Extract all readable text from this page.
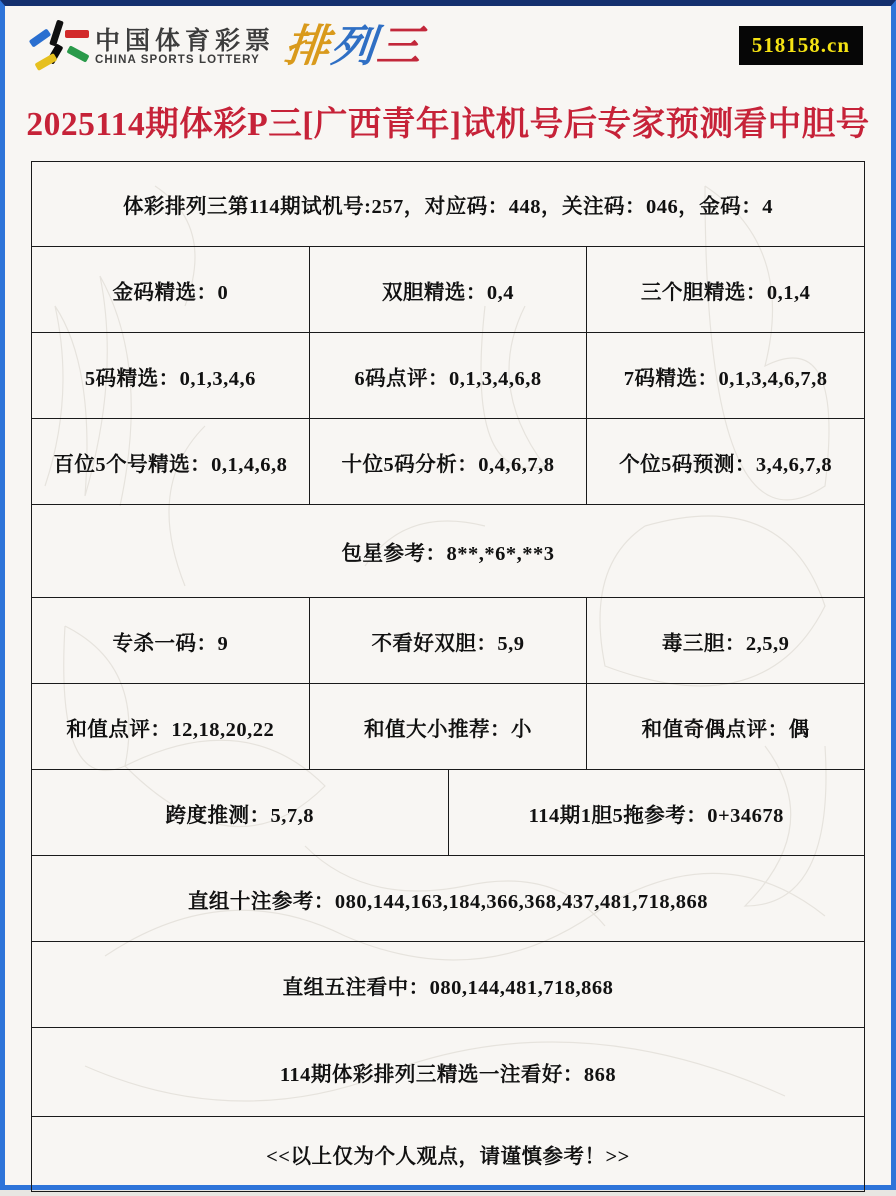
中国体育彩票
CHINA SPORTS LOTTERY 排列三	518158.cn
2025114期体彩P三[广西青年]试机号后专家预测看中胆号
体彩排列三第114期试机号:257，对应码：448，关注码：046，金码：4
金码精选：0	双胆精选：0,4	三个胆精选：0,1,4
5码精选：0,1,3,4,6	6码点评：0,1,3,4,6,8	7码精选：0,1,3,4,6,7,8
百位5个号精选：0,1,4,6,8	十位5码分析：0,4,6,7,8	个位5码预测：3,4,6,7,8
包星参考：8**,*6*,**3
专杀一码：9	不看好双胆：5,9	毒三胆：2,5,9
和值点评：12,18,20,22	和值大小推荐：小	和值奇偶点评：偶
跨度推测：5,7,8	114期1胆5拖参考：0+34678
直组十注参考：080,144,163,184,366,368,437,481,718,868
直组五注看中：080,144,481,718,868
114期体彩排列三精选一注看好：868
<<以上仅为个人观点，请谨慎参考！>>
